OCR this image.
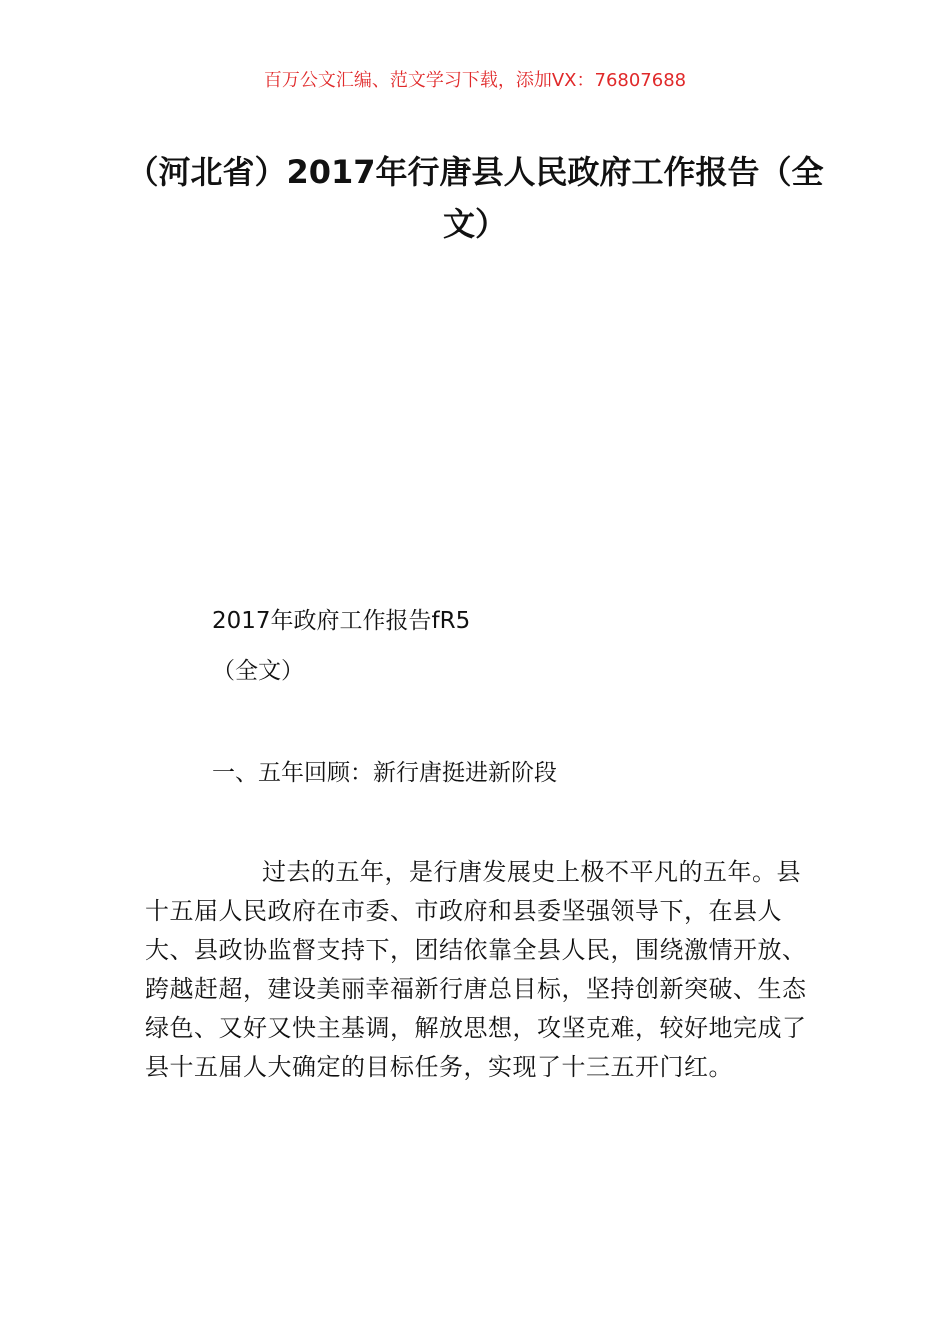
百万公文汇编、范文学习下载，添加VX：76807688
（河北省）2017年行唐县人民政府工作报告（全文）
2017年政府工作报告fR5
（全文）
一、五年回顾：新行唐挺进新阶段
过去的五年，是行唐发展史上极不平凡的五年。县十五届人民政府在市委、市政府和县委坚强领导下，在县人大、县政协监督支持下，团结依靠全县人民，围绕激情开放、跨越赶超，建设美丽幸福新行唐总目标，坚持创新突破、生态绿色、又好又快主基调，解放思想，攻坚克难，较好地完成了县十五届人大确定的目标任务，实现了十三五开门红。
